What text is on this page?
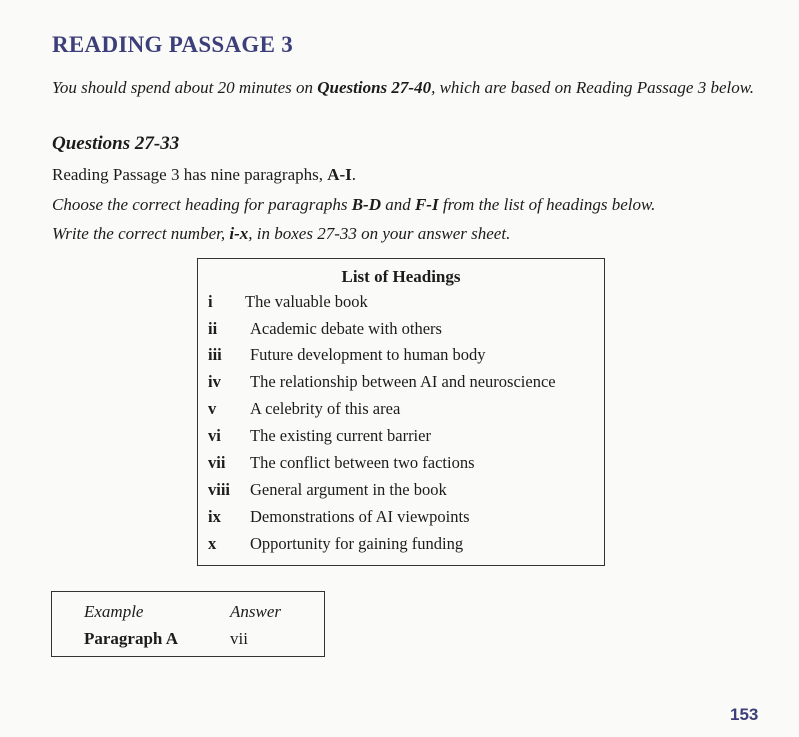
READING PASSAGE 3
You should spend about 20 minutes on Questions 27-40, which are based on Reading Passage 3 below.
Questions 27-33
Reading Passage 3 has nine paragraphs, A-I.
Choose the correct heading for paragraphs B-D and F-I from the list of headings below.
Write the correct number, i-x, in boxes 27-33 on your answer sheet.
List of Headings
i The valuable book
ii Academic debate with others
iii Future development to human body
iv The relationship between AI and neuroscience
v A celebrity of this area
vi The existing current barrier
vii The conflict between two factions
viii General argument in the book
ix Demonstrations of AI viewpoints
x Opportunity for gaining funding
Example	Answer
Paragraph A	vii
153
